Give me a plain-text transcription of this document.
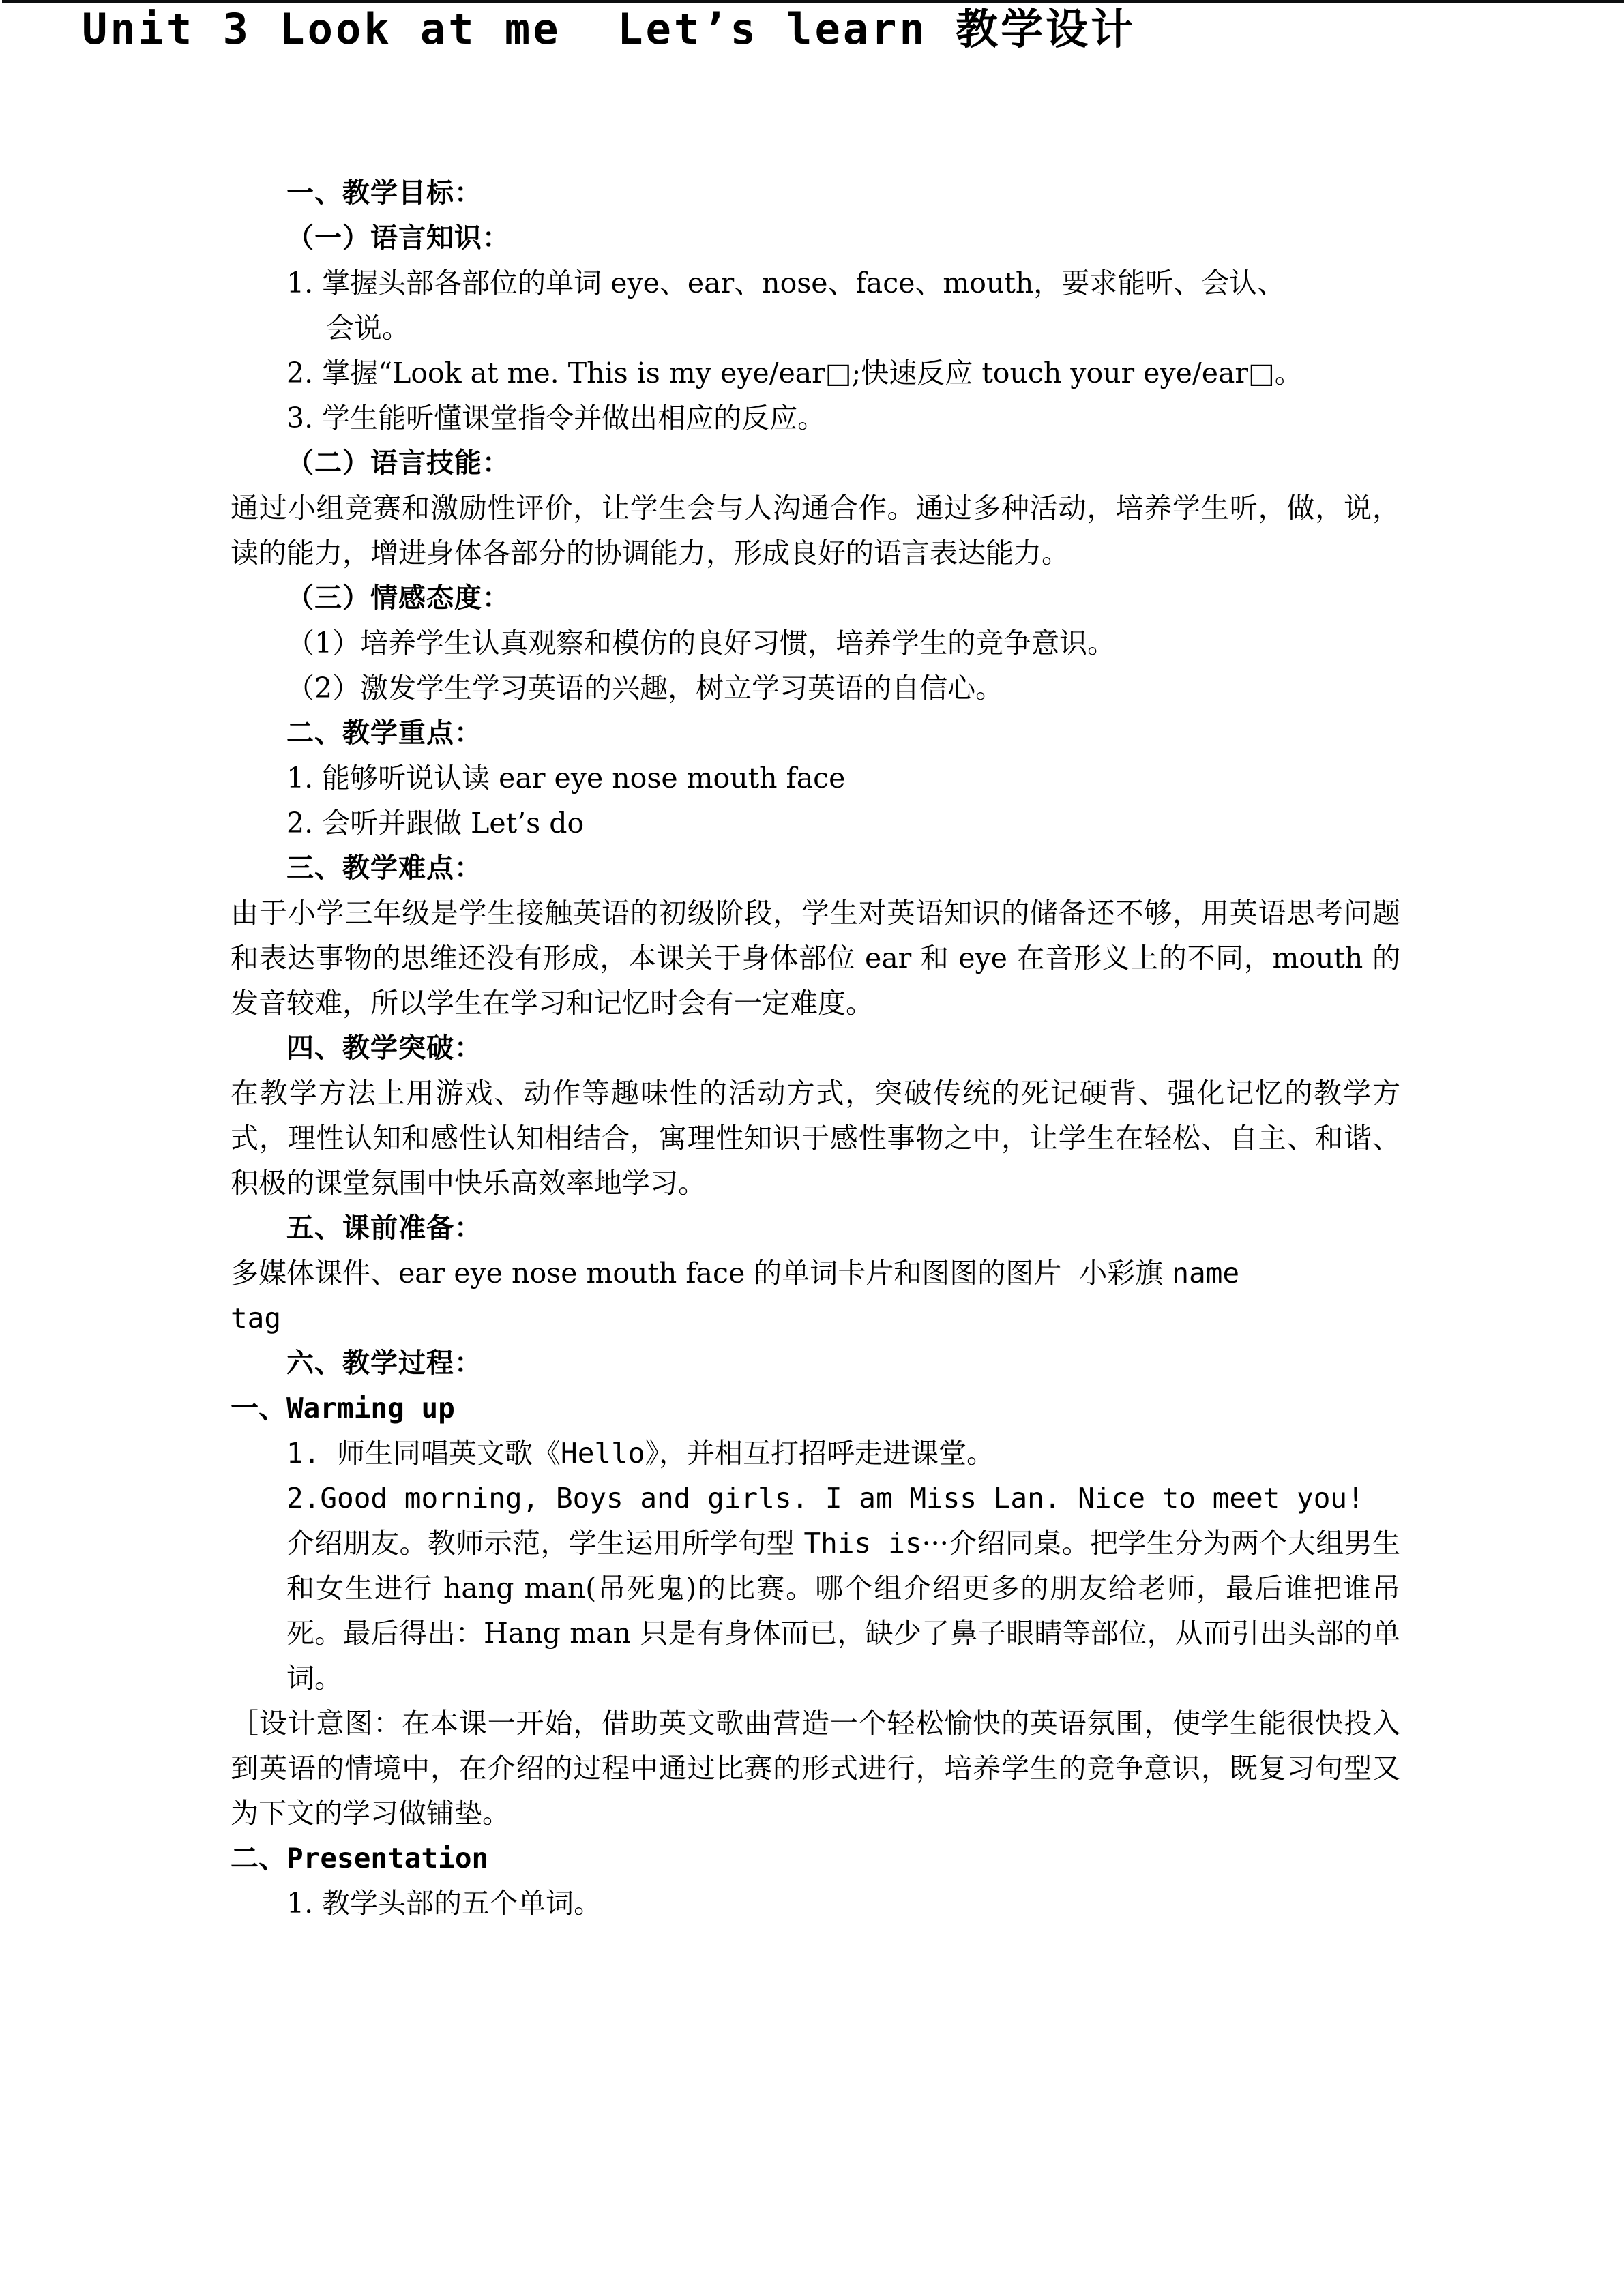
Unit 3 Look at me  Let’s learn 教学设计
一、教学目标：
（一）语言知识：
1. 掌握头部各部位的单词 eye、ear、nose、face、mouth，要求能听、会认、
会说。
2. 掌握“Look at me. This is my eye/ear□;快速反应 touch your eye/ear□。
3. 学生能听懂课堂指令并做出相应的反应。
（二）语言技能：
通过小组竞赛和激励性评价，让学生会与人沟通合作。通过多种活动，培养学生听，做，说，读的能力，增进身体各部分的协调能力，形成良好的语言表达能力。
（三）情感态度：
（1）培养学生认真观察和模仿的良好习惯，培养学生的竞争意识。
（2）激发学生学习英语的兴趣，树立学习英语的自信心。
二、教学重点：
1. 能够听说认读 ear eye nose mouth face
2. 会听并跟做 Let’s do
三、教学难点：
由于小学三年级是学生接触英语的初级阶段，学生对英语知识的储备还不够，用英语思考问题和表达事物的思维还没有形成，本课关于身体部位 ear 和 eye 在音形义上的不同，mouth 的发音较难，所以学生在学习和记忆时会有一定难度。
四、教学突破：
在教学方法上用游戏、动作等趣味性的活动方式，突破传统的死记硬背、强化记忆的教学方式，理性认知和感性认知相结合，寓理性知识于感性事物之中，让学生在轻松、自主、和谐、积极的课堂氛围中快乐高效率地学习。
五、课前准备：
多媒体课件、ear eye nose mouth face 的单词卡片和图图的图片  小彩旗 name
tag
六、教学过程：
一、Warming up
1. 师生同唱英文歌《Hello》，并相互打招呼走进课堂。
2.Good morning, Boys and girls. I am Miss Lan. Nice to meet you!
介绍朋友。教师示范，学生运用所学句型 This is···介绍同桌。把学生分为两个大组男生和女生进行 hang man(吊死鬼)的比赛。哪个组介绍更多的朋友给老师，最后谁把谁吊死。最后得出：Hang man 只是有身体而已，缺少了鼻子眼睛等部位，从而引出头部的单词。
［设计意图：在本课一开始，借助英文歌曲营造一个轻松愉快的英语氛围，使学生能很快投入到英语的情境中，在介绍的过程中通过比赛的形式进行，培养学生的竞争意识，既复习句型又为下文的学习做铺垫。
二、Presentation
1. 教学头部的五个单词。
